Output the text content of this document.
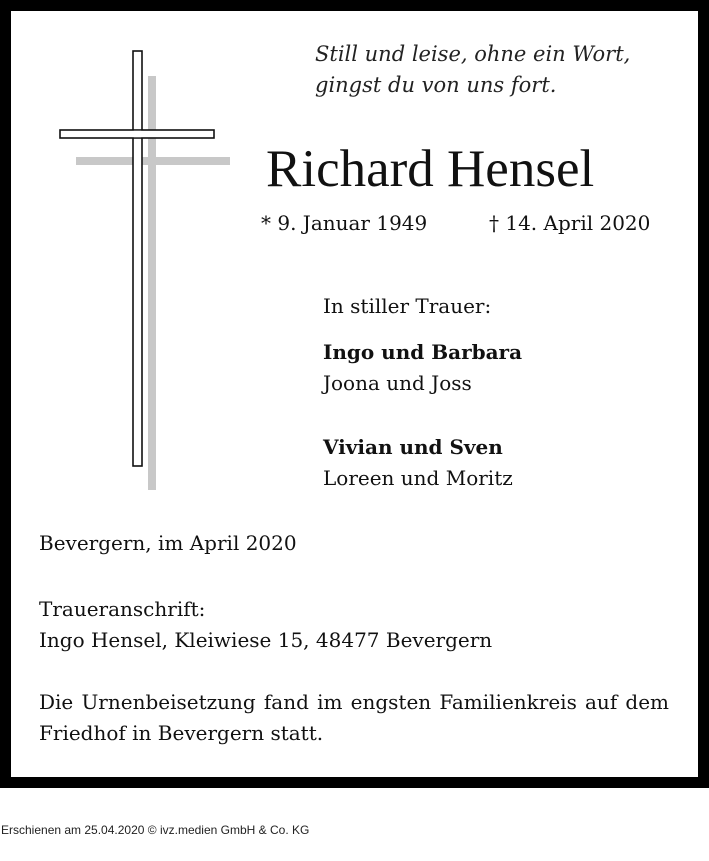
Still und leise, ohne ein Wort,
gingst du von uns fort.
Richard Hensel
* 9. Januar 1949	† 14. April 2020
In stiller Trauer:
Ingo und Barbara
Joona und Joss
Vivian und Sven
Loreen und Moritz
Bevergern, im April 2020
Traueranschrift:
Ingo Hensel, Kleiwiese 15, 48477 Bevergern
Die Urnenbeisetzung fand im engsten Familienkreis auf dem Friedhof in Bevergern statt.
Erschienen am 25.04.2020 © ivz.medien GmbH & Co. KG
